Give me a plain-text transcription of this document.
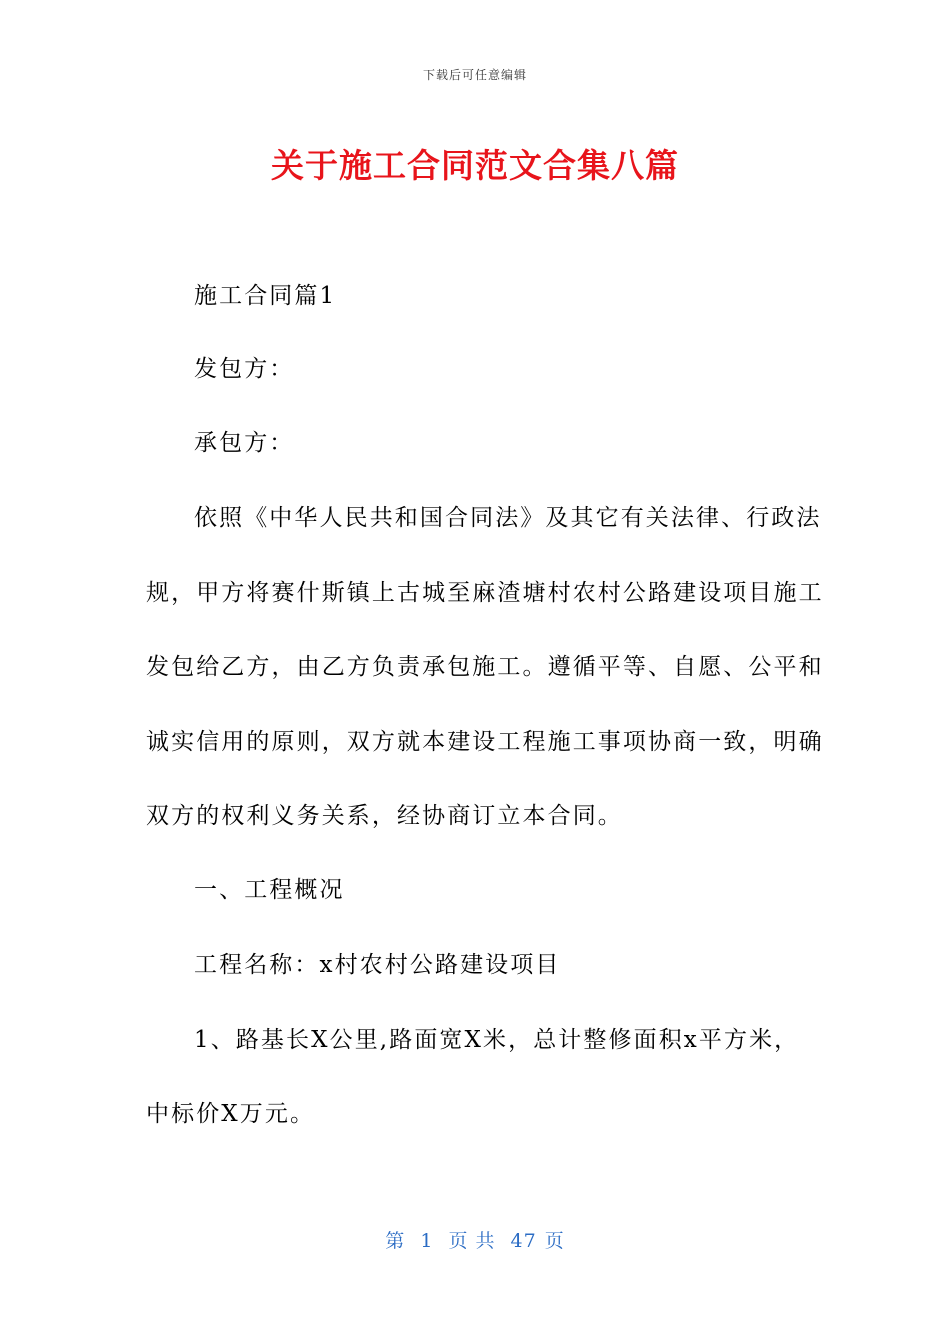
下载后可任意编辑
关于施工合同范文合集八篇
施工合同篇1
发包方：
承包方：
依照《中华人民共和国合同法》及其它有关法律、行政法
规，甲方将赛什斯镇上古城至麻渣塘村农村公路建设项目施工
发包给乙方，由乙方负责承包施工。遵循平等、自愿、公平和
诚实信用的原则，双方就本建设工程施工事项协商一致，明确
双方的权利义务关系，经协商订立本合同。
一、工程概况
工程名称：x村农村公路建设项目
1、路基长X公里,路面宽X米，总计整修面积x平方米，
中标价X万元。
第 1 页 共 47 页
